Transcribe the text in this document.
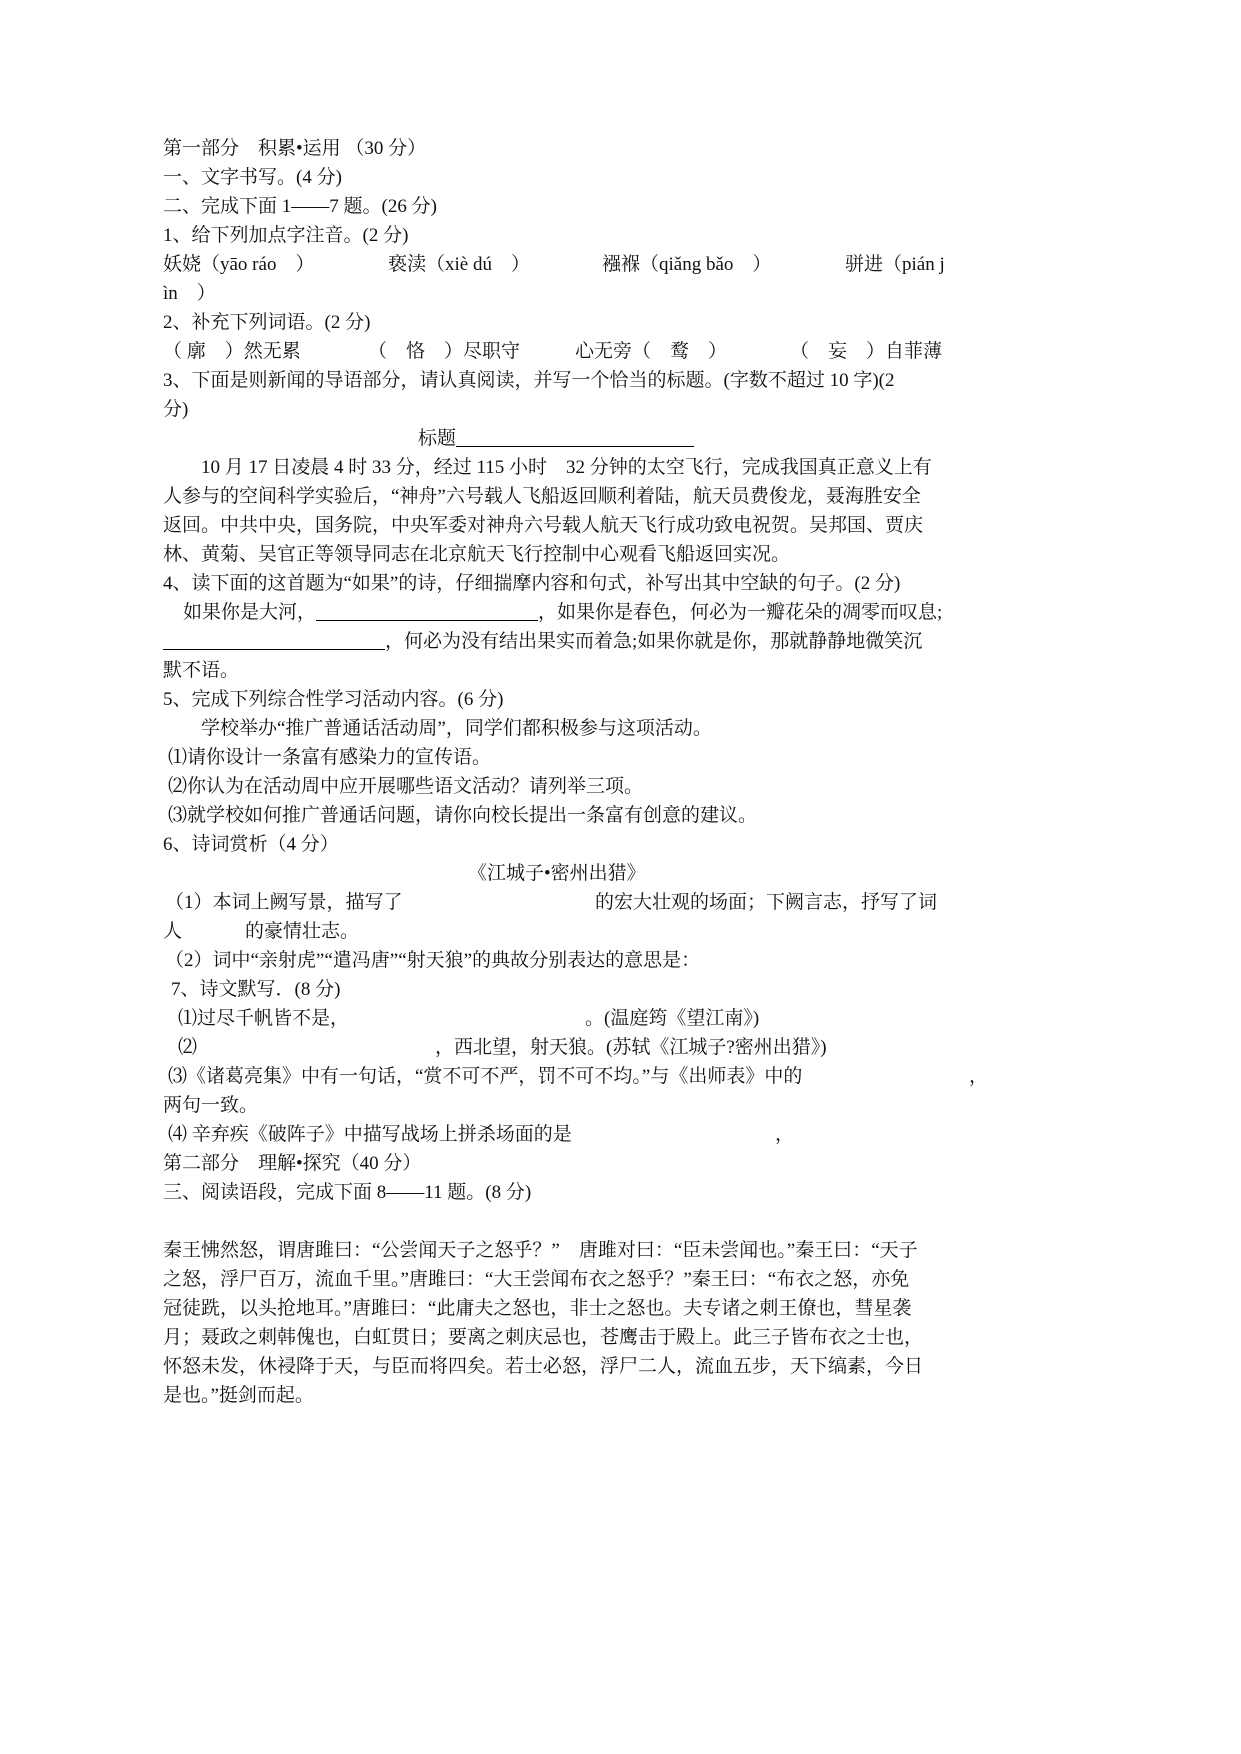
第一部分　积累•运用 （30 分）
一、文字书写。(4 分)
二、完成下面 1——7 题。(26 分)
1、给下列加点字注音。(2 分)
妖娆（yāo ráo　）	亵渎（xiè dú　）	襁褓（qiǎng bǎo　）	骈进（pián j
ìn　）
2、补充下列词语。(2 分)
（ 廓　）然无累	（　恪　）尽职守	心无旁（　鹜　）	（　妄　）自菲薄
3、下面是则新闻的导语部分，请认真阅读，并写一个恰当的标题。(字数不超过 10 字)(2
分)
标题
10 月 17 日凌晨 4 时 33 分，经过 115 小时　32 分钟的太空飞行，完成我国真正意义上有
人参与的空间科学实验后，“神舟”六号载人飞船返回顺利着陆，航天员费俊龙，聂海胜安全
返回。中共中央，国务院，中央军委对神舟六号载人航天飞行成功致电祝贺。吴邦国、贾庆
林、黄菊、吴官正等领导同志在北京航天飞行控制中心观看飞船返回实况。
4、读下面的这首题为“如果”的诗，仔细揣摩内容和句式，补写出其中空缺的句子。(2 分)
如果你是大河，	，如果你是春色，何必为一瓣花朵的凋零而叹息;
，何必为没有结出果实而着急;如果你就是你，那就静静地微笑沉
默不语。
5、完成下列综合性学习活动内容。(6 分)
学校举办“推广普通话活动周”，同学们都积极参与这项活动。
⑴请你设计一条富有感染力的宣传语。
⑵你认为在活动周中应开展哪些语文活动？请列举三项。
⑶就学校如何推广普通话问题，请你向校长提出一条富有创意的建议。
6、诗词赏析（4 分）
《江城子•密州出猎》
（1）本词上阙写景，描写了	的宏大壮观的场面；下阙言志，抒写了词
人	的豪情壮志。
（2）词中“亲射虎”“遣冯唐”“射天狼”的典故分别表达的意思是：
7、诗文默写．(8 分)
⑴过尽千帆皆不是，	。(温庭筠《望江南》)
⑵	，西北望，射天狼。(苏轼《江城子?密州出猎》)
⑶《诸葛亮集》中有一句话，“赏不可不严，罚不可不均。”与《出师表》中的	，
两句一致。
⑷ 辛弃疾《破阵子》中描写战场上拼杀场面的是	，
第二部分　理解•探究（40 分）
三、阅读语段，完成下面 8——11 题。(8 分)
秦王怫然怒，谓唐雎曰：“公尝闻天子之怒乎？”　唐雎对曰：“臣未尝闻也。”秦王曰：“天子
之怒，浮尸百万，流血千里。”唐雎曰：“大王尝闻布衣之怒乎？”秦王曰：“布衣之怒，亦免
冠徒跣，以头抢地耳。”唐雎曰：“此庸夫之怒也，非士之怒也。夫专诸之刺王僚也，彗星袭
月；聂政之刺韩傀也，白虹贯日；要离之刺庆忌也，苍鹰击于殿上。此三子皆布衣之士也，
怀怒未发，休祲降于天，与臣而将四矣。若士必怒，浮尸二人，流血五步，天下缟素，今日
是也。”挺剑而起。
